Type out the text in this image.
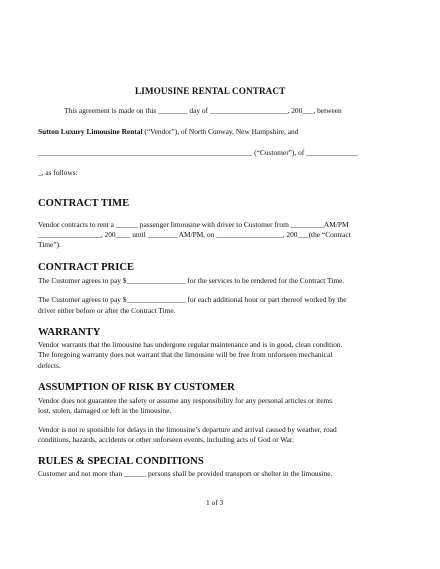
LIMOUSINE RENTAL CONTRACT
This agreement is made on this ________ day of _____________________, 200___, between
Sutton Luxury Limousine Rental (“Vendor”), of North Conway, New Hampshire, and
__________________________________________________________ (“Customer”), of ______________
_, as follows:
CONTRACT TIME
Vendor contracts to rent a ______ passenger limousine with driver to Customer from _________AM/PM
_________________, 200____ until ________ AM/PM, on __________________, 200___(the “Contract
Time”).
CONTRACT PRICE
The Customer agrees to pay $________________ for the services to be rendered for the Contract Time.
The Customer agrees to pay $________________ for each additional hour or part thereof worked by the
driver either before or after the Contract Time.
WARRANTY
Vendor warrants that the limousine has undergone regular maintenance and is in good, clean condition.
The foregoing warranty does not warrant that the limousine will be free from unforseen mechanical
defects.
ASSUMPTION OF RISK BY CUSTOMER
Vendor does not guarantee the safety or assume any responsibility for any personal articles or items
lost, stolen, damaged or left in the limousine.
Vendor is not re sponsible for delays in the limousine’s departure and arrival caused by weather, road
conditions, hazards, accidents or other unforseen events, including acts of God or War.
RULES & SPECIAL CONDITIONS
Customer and not more than ______ persons shall be provided transport or shelter in the limousine.
1 of 3
